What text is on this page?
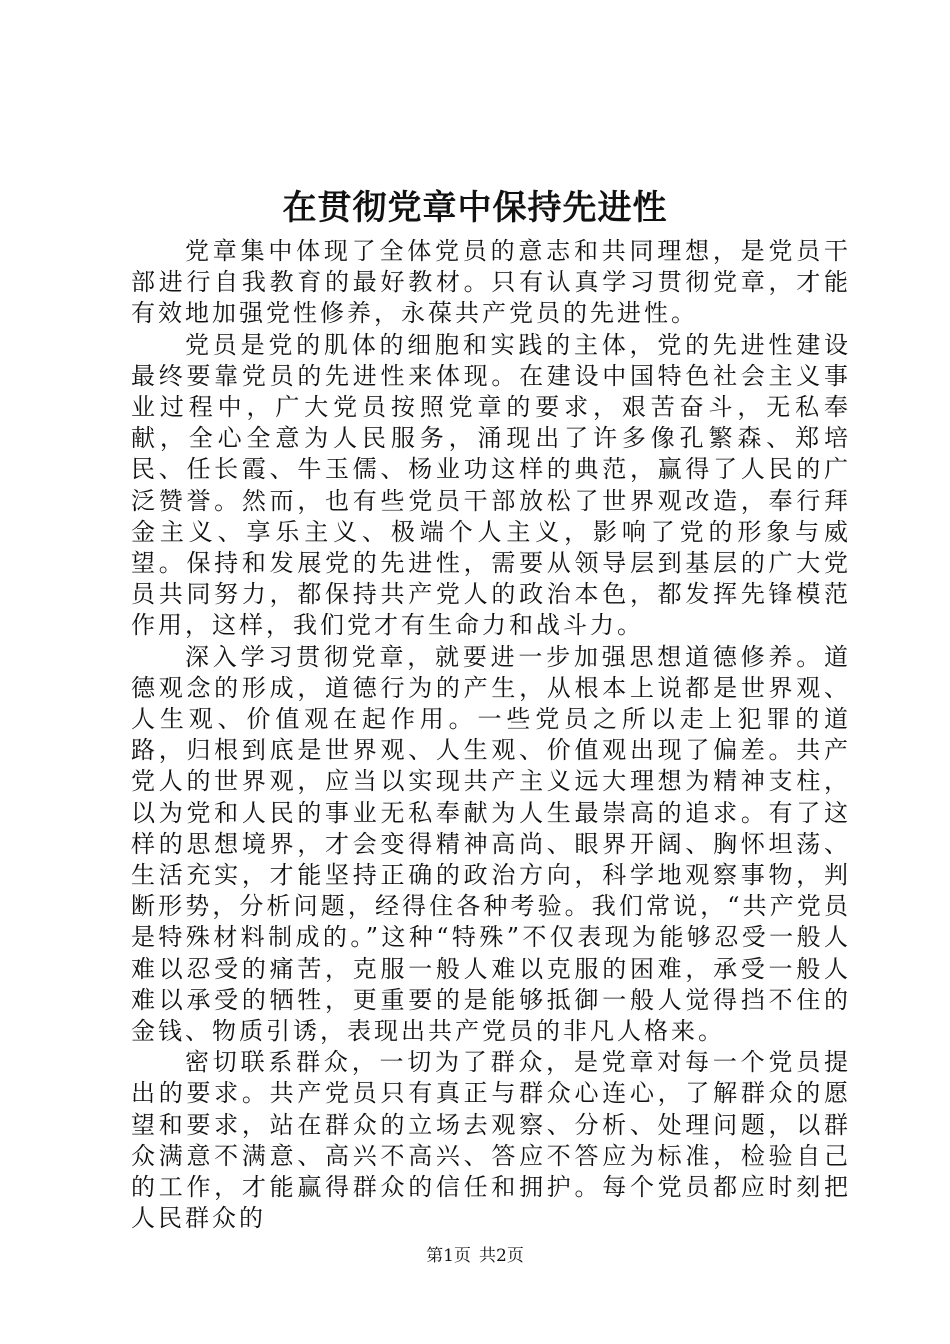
在贯彻党章中保持先进性

党章集中体现了全体党员的意志和共同理想，是党员干部进行自我教育的最好教材。只有认真学习贯彻党章，才能有效地加强党性修养，永葆共产党员的先进性。

党员是党的肌体的细胞和实践的主体，党的先进性建设最终要靠党员的先进性来体现。在建设中国特色社会主义事业过程中，广大党员按照党章的要求，艰苦奋斗，无私奉献，全心全意为人民服务，涌现出了许多像孔繁森、郑培民、任长霞、牛玉儒、杨业功这样的典范，赢得了人民的广泛赞誉。然而，也有些党员干部放松了世界观改造，奉行拜金主义、享乐主义、极端个人主义，影响了党的形象与威望。保持和发展党的先进性，需要从领导层到基层的广大党员共同努力，都保持共产党人的政治本色，都发挥先锋模范作用，这样，我们党才有生命力和战斗力。

深入学习贯彻党章，就要进一步加强思想道德修养。道德观念的形成，道德行为的产生，从根本上说都是世界观、人生观、价值观在起作用。一些党员之所以走上犯罪的道路，归根到底是世界观、人生观、价值观出现了偏差。共产党人的世界观，应当以实现共产主义远大理想为精神支柱，以为党和人民的事业无私奉献为人生最崇高的追求。有了这样的思想境界，才会变得精神高尚、眼界开阔、胸怀坦荡、生活充实，才能坚持正确的政治方向，科学地观察事物，判断形势，分析问题，经得住各种考验。我们常说，“共产党员是特殊材料制成的。”这种“特殊”不仅表现为能够忍受一般人难以忍受的痛苦，克服一般人难以克服的困难，承受一般人难以承受的牺牲，更重要的是能够抵御一般人觉得挡不住的金钱、物质引诱，表现出共产党员的非凡人格来。

密切联系群众，一切为了群众，是党章对每一个党员提出的要求。共产党员只有真正与群众心连心，了解群众的愿望和要求，站在群众的立场去观察、分析、处理问题，以群众满意不满意、高兴不高兴、答应不答应为标准，检验自己的工作，才能赢得群众的信任和拥护。每个党员都应时刻把人民群众的

第1页 共2页
